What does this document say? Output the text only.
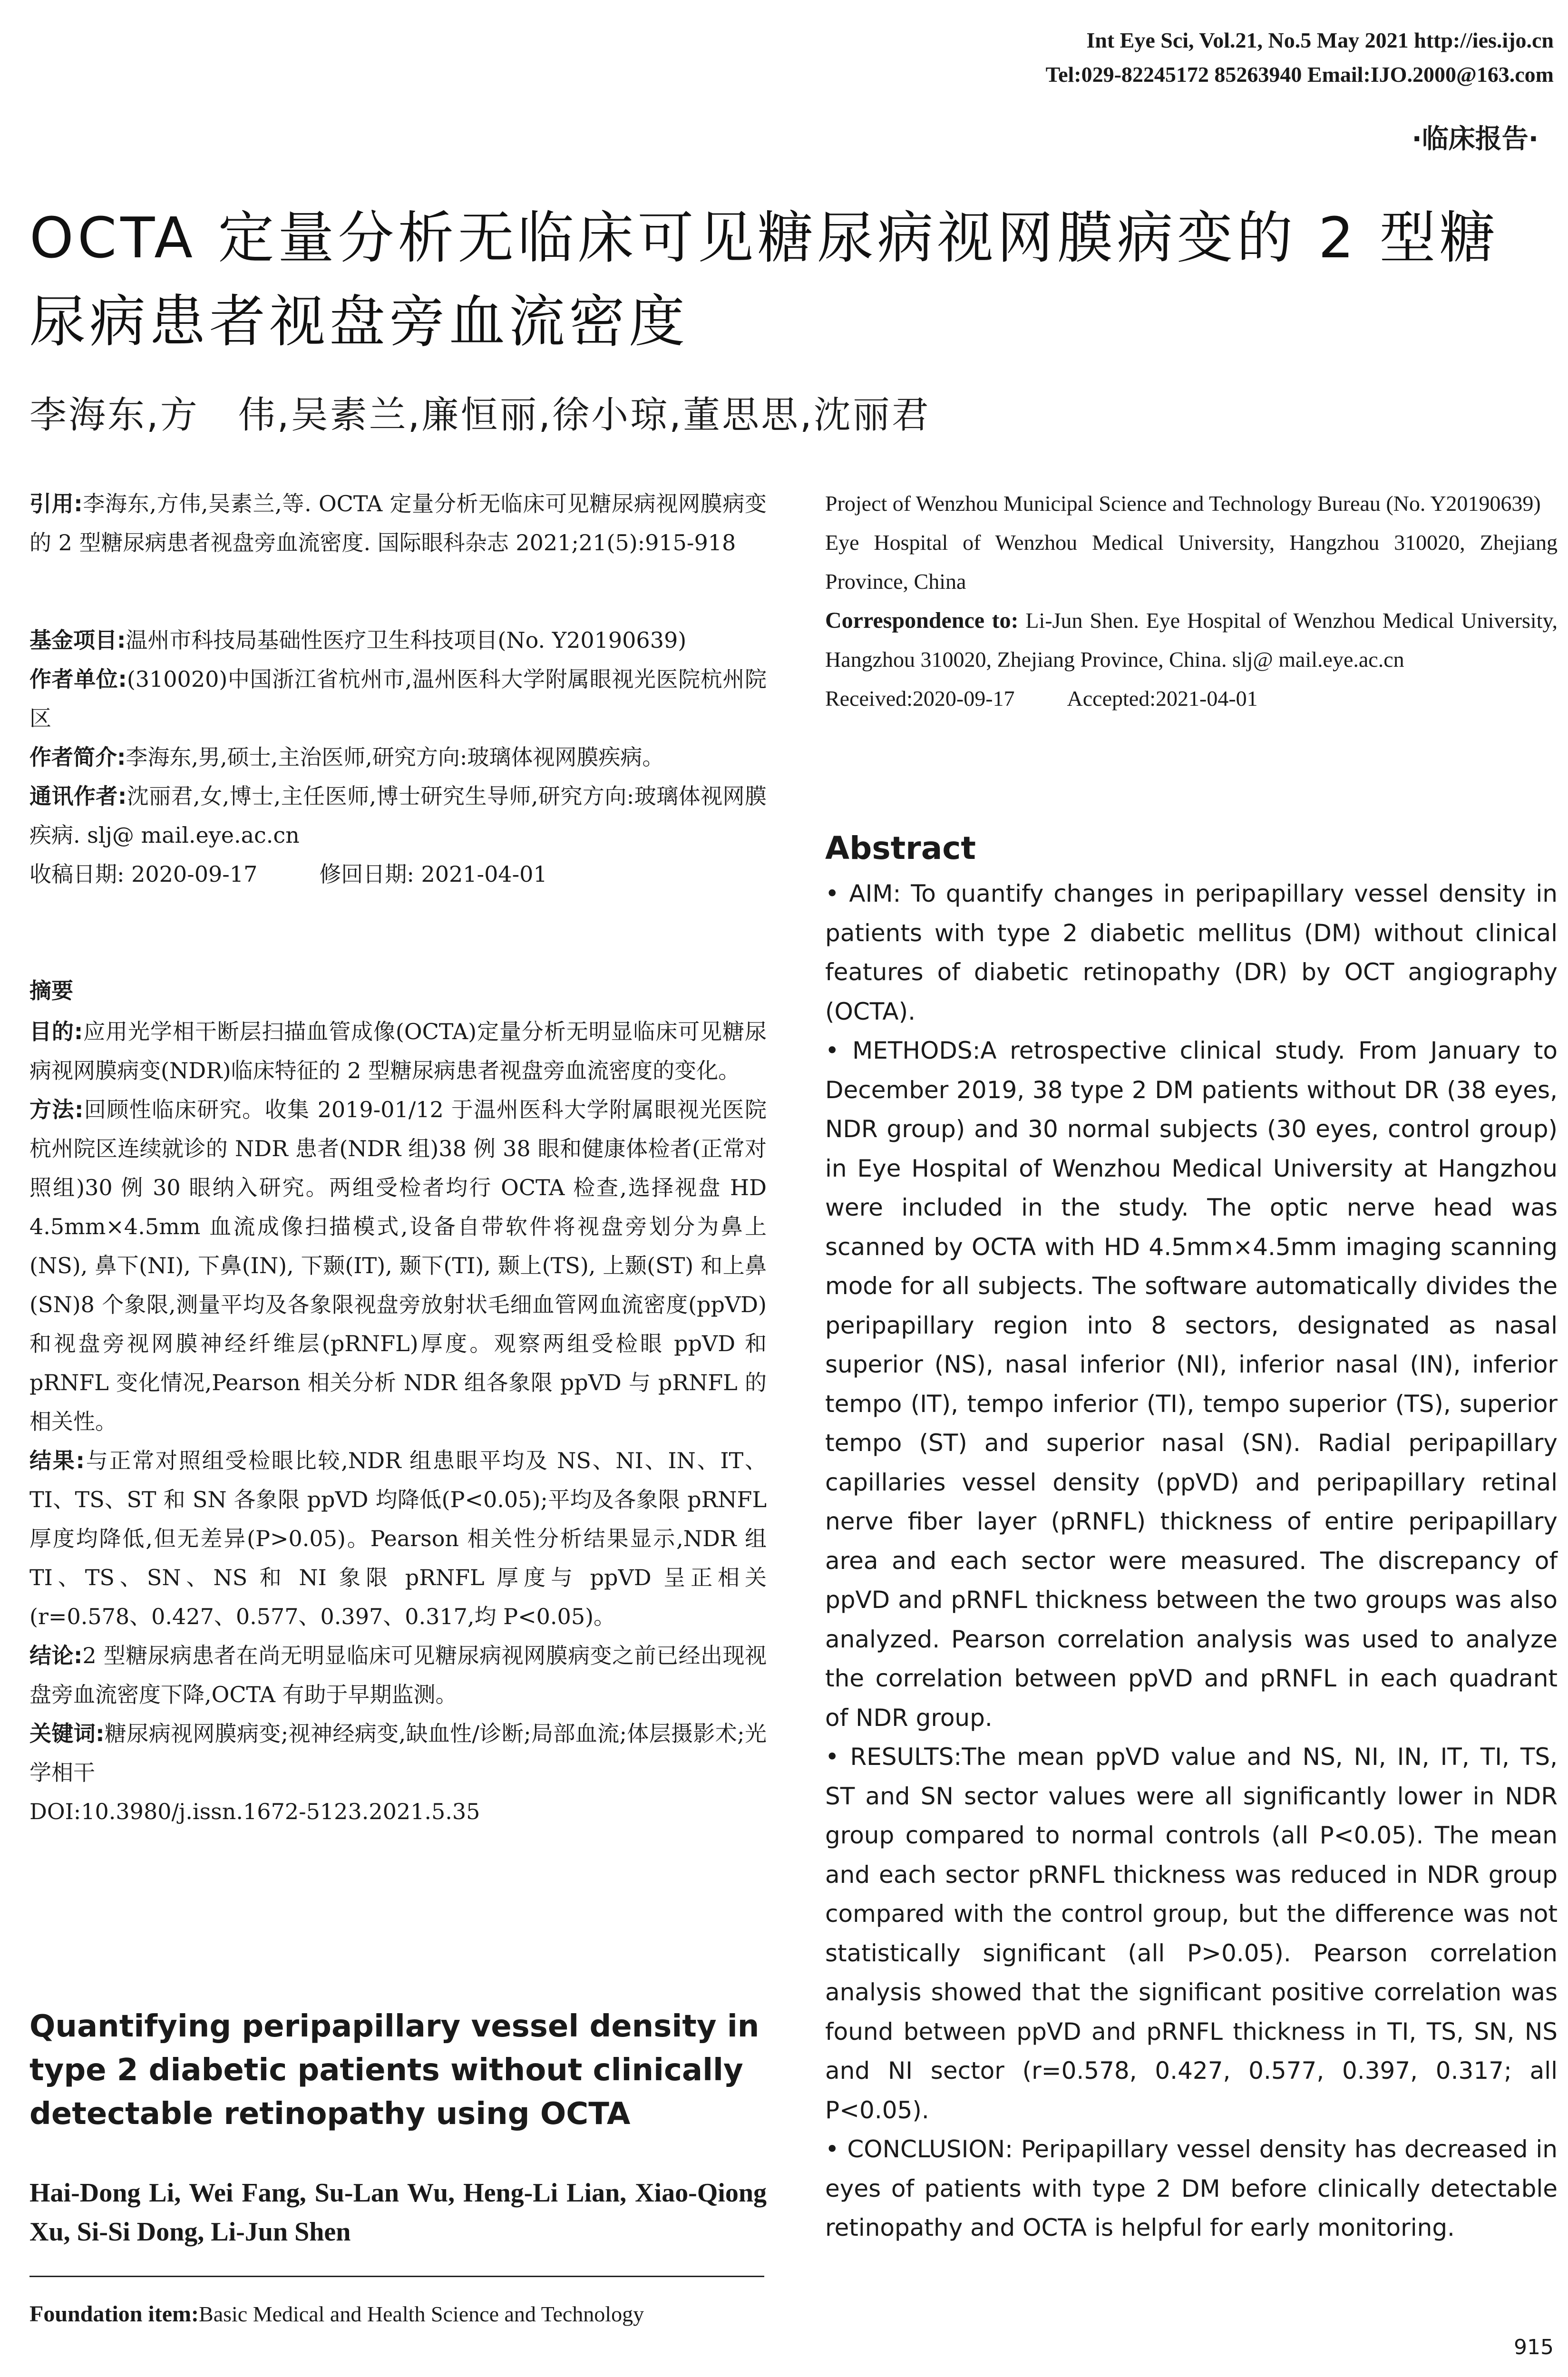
Int Eye Sci, Vol.21, No.5 May 2021 http://ies.ijo.cn
Tel:029-82245172 85263940 Email:IJO.2000@163.com
·临床报告·
OCTA 定量分析无临床可见糖尿病视网膜病变的 2 型糖尿病患者视盘旁血流密度
李海东,方　伟,吴素兰,廉恒丽,徐小琼,董思思,沈丽君
引用:李海东,方伟,吴素兰,等. OCTA 定量分析无临床可见糖尿病视网膜病变的 2 型糖尿病患者视盘旁血流密度. 国际眼科杂志 2021;21(5):915-918

基金项目:温州市科技局基础性医疗卫生科技项目(No. Y20190639)

作者单位:(310020)中国浙江省杭州市,温州医科大学附属眼视光医院杭州院区

作者简介:李海东,男,硕士,主治医师,研究方向:玻璃体视网膜疾病。

通讯作者:沈丽君,女,博士,主任医师,博士研究生导师,研究方向:玻璃体视网膜疾病. slj@ mail.eye.ac.cn

收稿日期: 2020-09-17	修回日期: 2021-04-01

摘要

目的:应用光学相干断层扫描血管成像(OCTA)定量分析无明显临床可见糖尿病视网膜病变(NDR)临床特征的 2 型糖尿病患者视盘旁血流密度的变化。

方法:回顾性临床研究。收集 2019-01/12 于温州医科大学附属眼视光医院杭州院区连续就诊的 NDR 患者(NDR 组)38 例 38 眼和健康体检者(正常对照组)30 例 30 眼纳入研究。两组受检者均行 OCTA 检查,选择视盘 HD 4.5mm×4.5mm 血流成像扫描模式,设备自带软件将视盘旁划分为鼻上(NS), 鼻下(NI), 下鼻(IN), 下颞(IT), 颞下(TI), 颞上(TS), 上颞(ST) 和上鼻(SN)8 个象限,测量平均及各象限视盘旁放射状毛细血管网血流密度(ppVD)和视盘旁视网膜神经纤维层(pRNFL)厚度。观察两组受检眼 ppVD 和 pRNFL 变化情况,Pearson 相关分析 NDR 组各象限 ppVD 与 pRNFL 的相关性。

结果:与正常对照组受检眼比较,NDR 组患眼平均及 NS、NI、IN、IT、TI、TS、ST 和 SN 各象限 ppVD 均降低(P<0.05);平均及各象限 pRNFL 厚度均降低,但无差异(P>0.05)。Pearson 相关性分析结果显示,NDR 组 TI、TS、SN、NS 和 NI 象限 pRNFL 厚度与 ppVD 呈正相关(r=0.578、0.427、0.577、0.397、0.317,均 P<0.05)。

结论:2 型糖尿病患者在尚无明显临床可见糖尿病视网膜病变之前已经出现视盘旁血流密度下降,OCTA 有助于早期监测。

关键词:糖尿病视网膜病变;视神经病变,缺血性/诊断;局部血流;体层摄影术;光学相干

DOI:10.3980/j.issn.1672-5123.2021.5.35

Quantifying peripapillary vessel density in type 2 diabetic patients without clinically detectable retinopathy using OCTA
Hai-Dong Li, Wei Fang, Su-Lan Wu, Heng-Li Lian, Xiao-Qiong Xu, Si-Si Dong, Li-Jun Shen
Foundation item:Basic Medical and Health Science and Technology

Project of Wenzhou Municipal Science and Technology Bureau (No. Y20190639)

Eye Hospital of Wenzhou Medical University, Hangzhou 310020, Zhejiang Province, China

Correspondence to: Li-Jun Shen. Eye Hospital of Wenzhou Medical University, Hangzhou 310020, Zhejiang Province, China. slj@ mail.eye.ac.cn

Received:2020-09-17 Accepted:2021-04-01

Abstract

• AIM: To quantify changes in peripapillary vessel density in patients with type 2 diabetic mellitus (DM) without clinical features of diabetic retinopathy (DR) by OCT angiography (OCTA).

• METHODS:A retrospective clinical study. From January to December 2019, 38 type 2 DM patients without DR (38 eyes, NDR group) and 30 normal subjects (30 eyes, control group) in Eye Hospital of Wenzhou Medical University at Hangzhou were included in the study. The optic nerve head was scanned by OCTA with HD 4.5mm×4.5mm imaging scanning mode for all subjects. The software automatically divides the peripapillary region into 8 sectors, designated as nasal superior (NS), nasal inferior (NI), inferior nasal (IN), inferior tempo (IT), tempo inferior (TI), tempo superior (TS), superior tempo (ST) and superior nasal (SN). Radial peripapillary capillaries vessel density (ppVD) and peripapillary retinal nerve fiber layer (pRNFL) thickness of entire peripapillary area and each sector were measured. The discrepancy of ppVD and pRNFL thickness between the two groups was also analyzed. Pearson correlation analysis was used to analyze the correlation between ppVD and pRNFL in each quadrant of NDR group.

• RESULTS:The mean ppVD value and NS, NI, IN, IT, TI, TS, ST and SN sector values were all significantly lower in NDR group compared to normal controls (all P<0.05). The mean and each sector pRNFL thickness was reduced in NDR group compared with the control group, but the difference was not statistically significant (all P>0.05). Pearson correlation analysis showed that the significant positive correlation was found between ppVD and pRNFL thickness in TI, TS, SN, NS and NI sector (r=0.578, 0.427, 0.577, 0.397, 0.317; all P<0.05).

• CONCLUSION: Peripapillary vessel density has decreased in eyes of patients with type 2 DM before clinically detectable retinopathy and OCTA is helpful for early monitoring.

915
